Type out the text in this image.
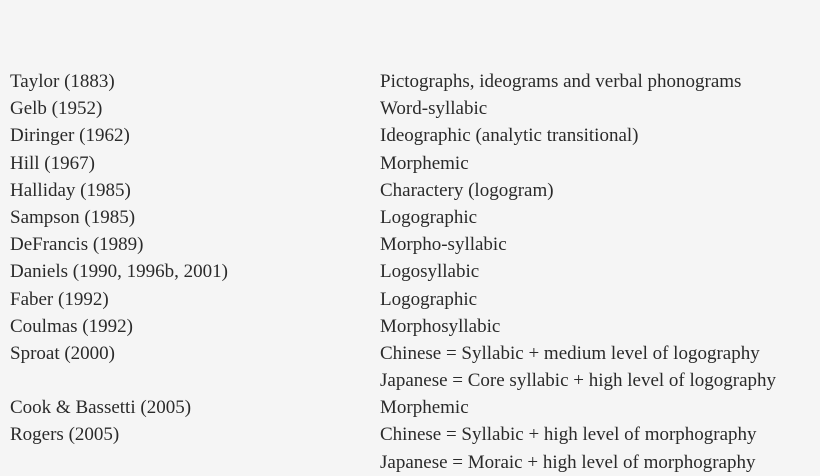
Taylor (1883)	Pictographs, ideograms and verbal phonograms
Gelb (1952)	Word-syllabic
Diringer (1962)	Ideographic (analytic transitional)
Hill (1967)	Morphemic
Halliday (1985)	Charactery (logogram)
Sampson (1985)	Logographic
DeFrancis (1989)	Morpho-syllabic
Daniels (1990, 1996b, 2001)	Logosyllabic
Faber (1992)	Logographic
Coulmas (1992)	Morphosyllabic
Sproat (2000)	Chinese = Syllabic + medium level of logography
Japanese = Core syllabic + high level of logography
Cook & Bassetti (2005)	Morphemic
Rogers (2005)	Chinese = Syllabic + high level of morphography
Japanese = Moraic + high level of morphography
